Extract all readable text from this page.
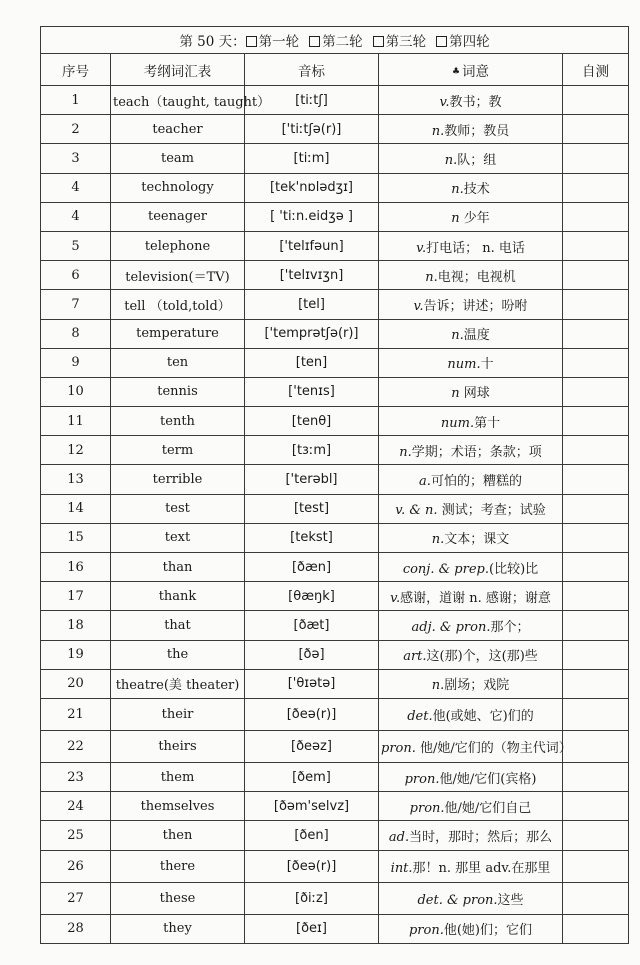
第 50 天： 第一轮 第二轮 第三轮 第四轮				
序号	考纲词汇表	音标	♣ 词意	自测
1	teach（taught, taught）	[tiːtʃ]	v.教书；教	
2	teacher	['tiːtʃə(r)]	n.教师；教员	
3	team	[tiːm]	n.队；组	
4	technology	[tek'nɒlədʒɪ]	n.技术	
4	teenager	[ 'tiːn.eidʒə ]	n 少年	
5	telephone	['telɪfəun]	v.打电话； n. 电话	
6	television(＝TV)	['telɪvɪʒn]	n.电视；电视机	
7	tell （told,told）	[tel]	v.告诉；讲述；吩咐	
8	temperature	['temprətʃə(r)]	n.温度	
9	ten	[ten]	num.十	
10	tennis	['tenɪs]	n 网球	
11	tenth	[tenθ]	num.第十	
12	term	[tɜːm]	n.学期；术语；条款；项	
13	terrible	['terəbl]	a.可怕的；糟糕的	
14	test	[test]	v. & n. 测试；考查；试验	
15	text	[tekst]	n.文本；课文	
16	than	[ðæn]	conj. & prep.(比较)比	
17	thank	[θæŋk]	v.感谢，道谢 n. 感谢；谢意	
18	that	[ðæt]	adj. & pron.那个；	
19	the	[ðə]	art.这(那)个，这(那)些	
20	theatre(美 theater)	['θɪətə]	n.剧场；戏院	
21	their	[ðeə(r)]	det.他(或她、它)们的	
22	theirs	[ðeəz]	pron. 他/她/它们的（物主代词）	
23	them	[ðem]	pron.他/她/它们(宾格)	
24	themselves	[ðəm'selvz]	pron.他/她/它们自己	
25	then	[ðen]	ad.当时，那时；然后；那么	
26	there	[ðeə(r)]	int.那！n. 那里 adv.在那里	
27	these	[ðiːz]	det. & pron.这些	
28	they	[ðeɪ]	pron.他(她)们；它们	
